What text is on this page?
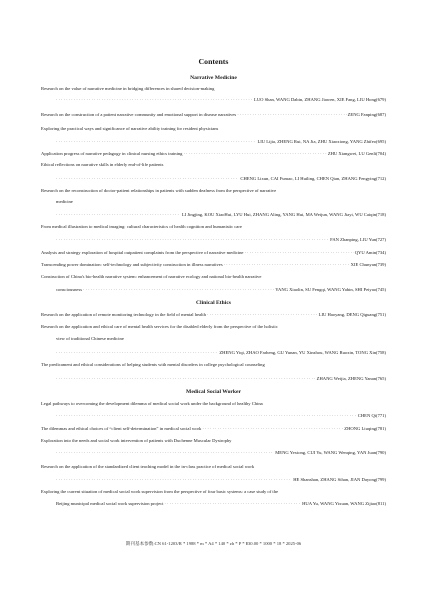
Contents
Narrative Medicine
Research on the value of narrative medicine in bridging differences in shared decision-making
·····
LUO Shan, WANG Dabin, ZHANG Jiawen, XIE Fang, LIU Hong(679)
Research on the construction of a patient narrative community and emotional support in disease narratives ·····	ZENG Fanping(687)
Exploring the practical ways and significance of narrative ability training for resident physicians
·····
LIU Lijia, ZHENG Rui, NA Jia, ZHU Xiaoxiong, YANG Zhifeo(695)
Application progress of narrative pedagogy in clinical nursing ethics training ·····	ZHU Xiangwei, LU Genli(704)
Ethical reflections on narrative skills in elderly end-of-life patients
·····
CHENG Lixun, CAI Fumao, LI Huiling, CHEN Qian, ZHANG Fengying(712)
Research on the reconstruction of doctor-patient relationships in patients with sudden deafness from the perspective of narrative
medicine
·····
LI Jingjing, KOU XiaoHui, LYU Hui, ZHANG Aling, YANG Hui, MA Weijun, WANG Jiayi, WU Caiqin(718)
From medical illustration to medical imaging: cultural characteristics of health cognition and humanistic care
·····
FAN Zhanping, LIU Yun(727)
Analysis and strategy exploration of hospital outpatient complaints from the perspective of narrative medicine ·····	QYU Amin(734)
Transcending power domination: self-technology and subjectivity construction in illness narratives ·····	XIE Chunyan(739)
Construction of China's bio-health narrative system: enhancement of narrative ecology and national bio-health narrative
consciousness ·····	YANG Xiaolin, SU Fengqi, WANG Yabin, SHI Peiyao(745)
Clinical Ethics
Research on the application of remote monitoring technology in the field of mental health ·····	LIU Haoyang, DENG Qiguang(751)
Research on the application and ethical care of mental health services for the disabled elderly from the perspective of the holistic
view of traditional Chinese medicine
·····
ZHENG Yiqi, ZHAO Farheng, GU Yunan, YU Xinzhou, WANG Ruoxin, TONG Xin(758)
The predicament and ethical considerations of helping students with mental disorders in college psychological counseling
·····
ZHANG Weijia, ZHENG Yanan(765)
Medical Social Worker
Legal pathways to overcoming the development dilemma of medical social work under the background of healthy China
·····
CHEN Qi(771)
The dilemmas and ethical choices of “client self-determination” in medical social work ·····	ZHONG Liuqing(781)
Exploration into the needs and social work intervention of patients with Duchenne Muscular Dystrophy
·····
MENG Yexiong, CUI Yu, WANG Wenqing, YAN Juan(790)
Research on the application of the standardized client teaching model in the in-class practice of medical social work
·····
HE Shanshan, ZHANG Sihan, JIAN Dayong(799)
Exploring the current situation of medical social work supervision from the perspective of four basic systems: a case study of the
Beijing municipal medical social work supervision project ·····	HUA Yu, WANG Yixuan, WANG Zijiao(811)
期刊基本参数:CN 61-1203/R * 1988 * m * A4 * 140 * zh * P * ¥30.00 * 1000 * 18 * 2025-06
